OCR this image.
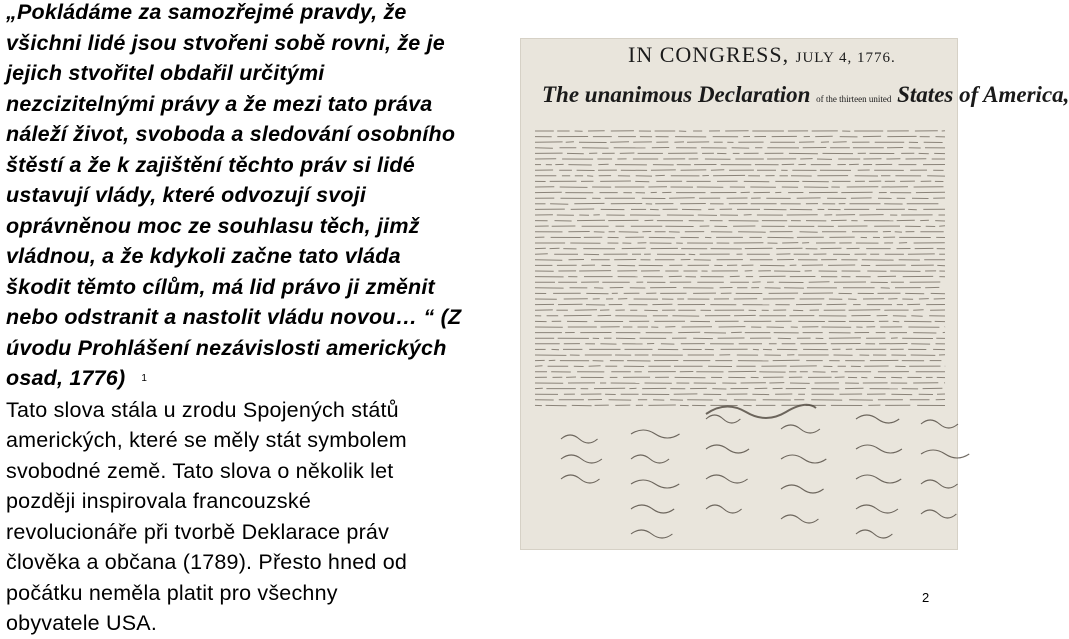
„Pokládáme za samozřejmé pravdy, že
všichni lidé jsou stvořeni sobě rovni, že je
jejich stvořitel obdařil určitými
nezcizitelnými právy a že mezi tato práva
náleží život, svoboda a sledování osobního
štěstí a že k zajištění těchto práv si lidé
ustavují vlády, které odvozují svoji
oprávněnou moc ze souhlasu těch, jimž
vládnou, a že kdykoli začne tato vláda
škodit těmto cílům, má lid právo ji změnit
nebo odstranit a nastolit vládu novou… “ (Z
úvodu Prohlášení nezávislosti amerických
osad, 1776) 1
Tato slova stála u zrodu Spojených států
amerických, které se měly stát symbolem
svobodné země. Tato slova o několik let
později inspirovala francouzské
revolucionáře při tvorbě Deklarace práv
člověka a občana (1789). Přesto hned od
počátku neměla platit pro všechny
obyvatele USA.
IN CONGRESS, JULY 4, 1776.
The unanimous Declaration of the thirteen united States of America,
2
